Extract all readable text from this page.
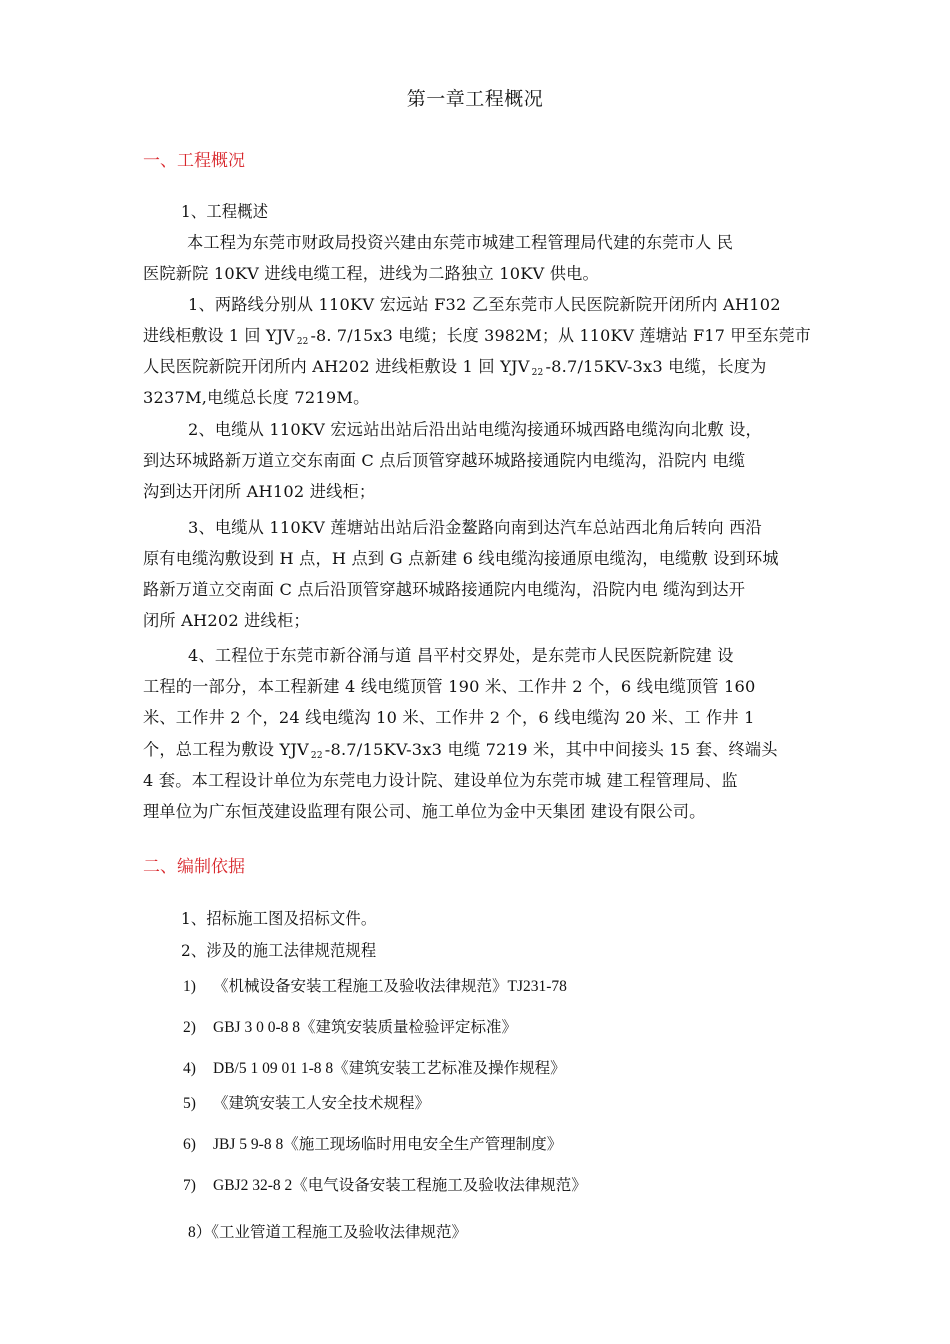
第一章工程概况
一、工程概况
1、工程概述
本工程为东莞市财政局投资兴建由东莞市城建工程管理局代建的东莞市人 民
医院新院 10KV 进线电缆工程，进线为二路独立 10KV 供电。
1、两路线分别从 110KV 宏远站 F32 乙至东莞市人民医院新院开闭所内 AH102
进线柜敷设 1 回 YJV $_{22}$ -8. 7/15x3 电缆；长度 3982M；从 110KV 莲塘站 F17 甲至东莞市
人民医院新院开闭所内 AH202 进线柜敷设 1 回 YJV $_{22}$ -8.7/15KV-3x3 电缆，长度为
3237M,电缆总长度 7219M。
2、电缆从 110KV 宏远站出站后沿出站电缆沟接通环城西路电缆沟向北敷 设，
到达环城路新万道立交东南面 C 点后顶管穿越环城路接通院内电缆沟，沿院内 电缆
沟到达开闭所 AH102 进线柜；
3、电缆从 110KV 莲塘站出站后沿金鳌路向南到达汽车总站西北角后转向 西沿
原有电缆沟敷设到 H 点，H 点到 G 点新建 6 线电缆沟接通原电缆沟，电缆敷 设到环城
路新万道立交南面 C 点后沿顶管穿越环城路接通院内电缆沟，沿院内电 缆沟到达开
闭所 AH202 进线柜；
4、工程位于东莞市新谷涌与道 昌平村交界处，是东莞市人民医院新院建 设
工程的一部分，本工程新建 4 线电缆顶管 190 米、工作井 2 个，6 线电缆顶管 160
米、工作井 2 个，24 线电缆沟 10 米、工作井 2 个，6 线电缆沟 20 米、工 作井 1
个，总工程为敷设 YJV $_{22}$ -8.7/15KV-3x3 电缆 7219 米，其中中间接头 15 套、终端头
4 套。本工程设计单位为东莞电力设计院、建设单位为东莞市城 建工程管理局、监
理单位为广东恒茂建设监理有限公司、施工单位为金中天集团 建设有限公司。
二、编制依据
1、招标施工图及招标文件。
2、涉及的施工法律规范规程
1) 《机械设备安装工程施工及验收法律规范》TJ231-78
2) GBJ 3 0 0-8 8《建筑安装质量检验评定标准》
4) DB/5 1 09 01 1-8 8《建筑安装工艺标准及操作规程》
5) 《建筑安装工人安全技术规程》
6) JBJ 5 9-8 8《施工现场临时用电安全生产管理制度》
7) GBJ2 32-8 2《电气设备安装工程施工及验收法律规范》
8）《工业管道工程施工及验收法律规范》
